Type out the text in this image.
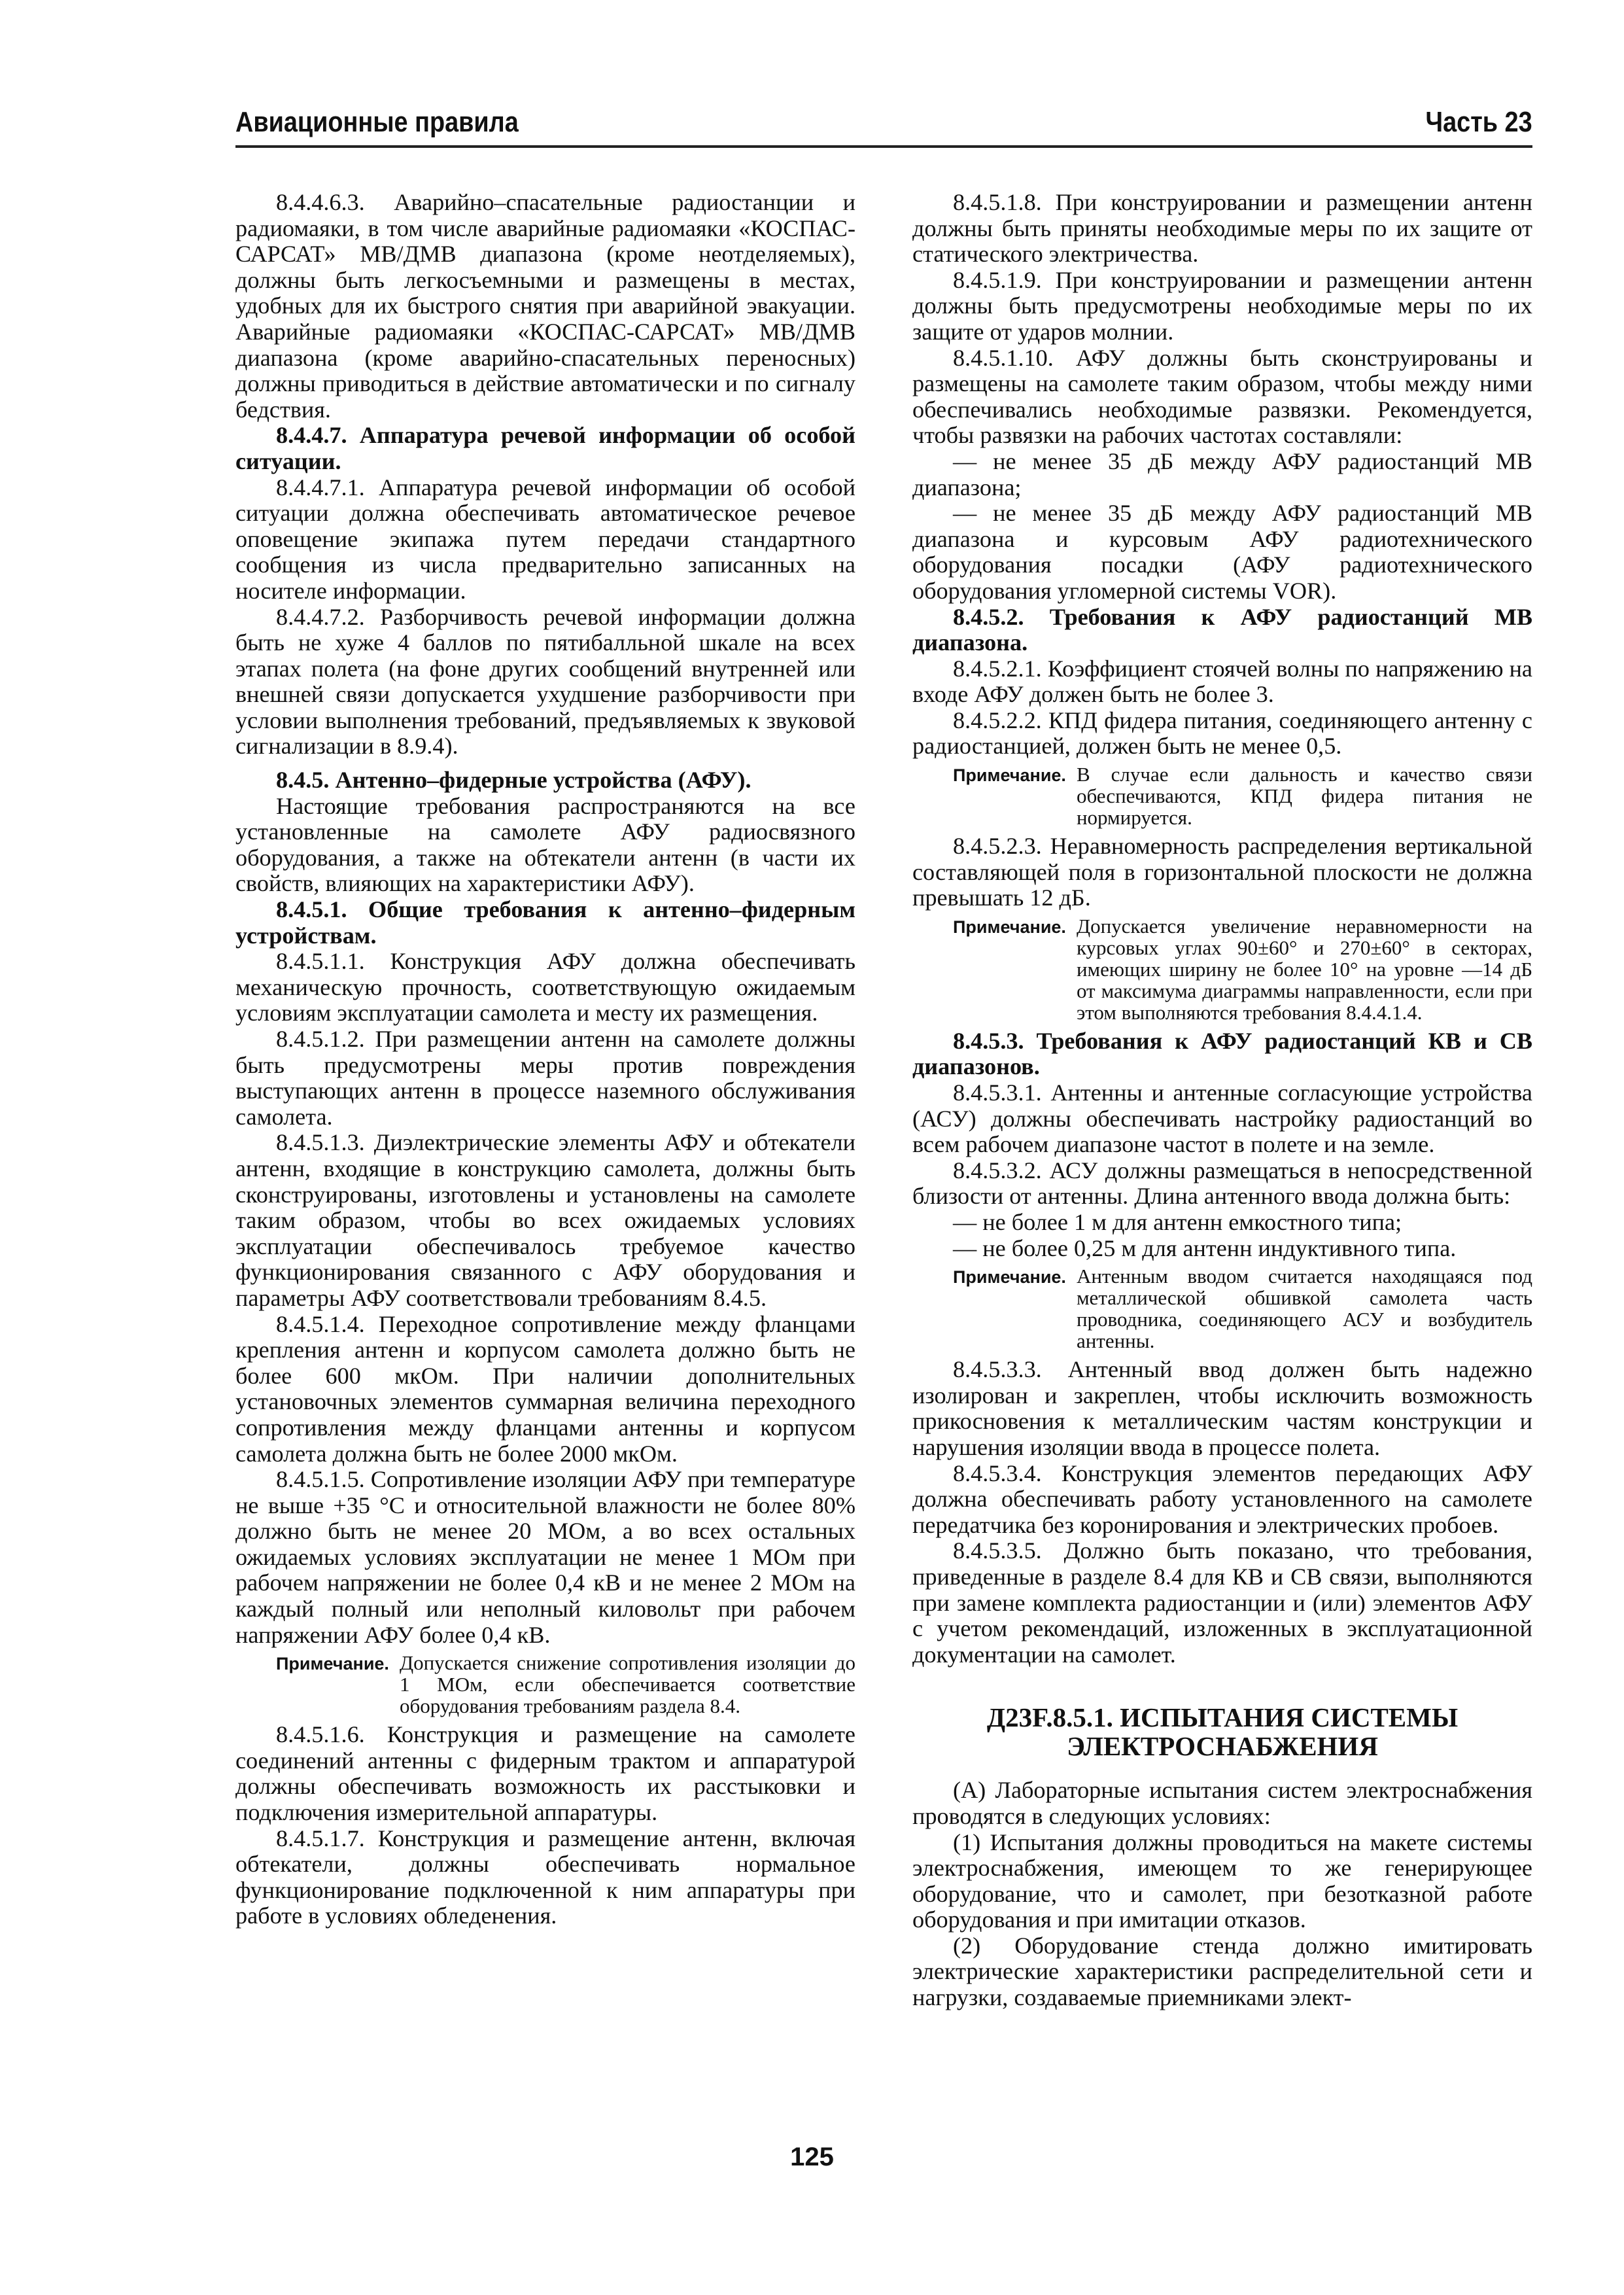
Авиационные правила	Часть 23

8.4.4.6.3. Аварийно–спасательные радиостанции и радиомаяки, в том числе аварийные радиомаяки «КОСПАС-САРСАТ» МВ/ДМВ диапазона (кроме неотделяемых), должны быть легкосъемными и размещены в местах, удобных для их быстрого снятия при аварийной эвакуации. Аварийные радиомаяки «КОСПАС-САРСАТ» МВ/ДМВ диапазона (кроме аварийно-спасательных переносных) должны приводиться в действие автоматически и по сигналу бедствия.

8.4.4.7. Аппаратура речевой информации об особой ситуации.

8.4.4.7.1. Аппаратура речевой информации об особой ситуации должна обеспечивать автоматическое речевое оповещение экипажа путем передачи стандартного сообщения из числа предварительно записанных на носителе информации.

8.4.4.7.2. Разборчивость речевой информации должна быть не хуже 4 баллов по пятибалльной шкале на всех этапах полета (на фоне других сообщений внутренней или внешней связи допускается ухудшение разборчивости при условии выполнения требований, предъявляемых к звуковой сигнализации в 8.9.4).

8.4.5. Антенно–фидерные устройства (АФУ).

Настоящие требования распространяются на все установленные на самолете АФУ радиосвязного оборудования, а также на обтекатели антенн (в части их свойств, влияющих на характеристики АФУ).

8.4.5.1. Общие требования к антенно–фидерным устройствам.

8.4.5.1.1. Конструкция АФУ должна обеспечивать механическую прочность, соответствующую ожидаемым условиям эксплуатации самолета и месту их размещения.

8.4.5.1.2. При размещении антенн на самолете должны быть предусмотрены меры против повреждения выступающих антенн в процессе наземного обслуживания самолета.

8.4.5.1.3. Диэлектрические элементы АФУ и обтекатели антенн, входящие в конструкцию самолета, должны быть сконструированы, изготовлены и установлены на самолете таким образом, чтобы во всех ожидаемых условиях эксплуатации обеспечивалось требуемое качество функционирования связанного с АФУ оборудования и параметры АФУ соответствовали требованиям 8.4.5.

8.4.5.1.4. Переходное сопротивление между фланцами крепления антенн и корпусом самолета должно быть не более 600 мкОм. При наличии дополнительных установочных элементов суммарная величина переходного сопротивления между фланцами антенны и корпусом самолета должна быть не более 2000 мкОм.

8.4.5.1.5. Сопротивление изоляции АФУ при температуре не выше +35 °С и относительной влажности не более 80% должно быть не менее 20 МОм, а во всех остальных ожидаемых условиях эксплуатации не менее 1 МОм при рабочем напряжении не более 0,4 кВ и не менее 2 МОм на каждый полный или неполный киловольт при рабочем напряжении АФУ более 0,4 кВ.

Примечание. Допускается снижение сопротивления изоляции до 1 МОм, если обеспечивается соответствие оборудования требованиям раздела 8.4.

8.4.5.1.6. Конструкция и размещение на самолете соединений антенны с фидерным трактом и аппаратурой должны обеспечивать возможность их расстыковки и подключения измерительной аппаратуры.

8.4.5.1.7. Конструкция и размещение антенн, включая обтекатели, должны обеспечивать нормальное функционирование подключенной к ним аппаратуры при работе в условиях обледенения.

8.4.5.1.8. При конструировании и размещении антенн должны быть приняты необходимые меры по их защите от статического электричества.

8.4.5.1.9. При конструировании и размещении антенн должны быть предусмотрены необходимые меры по их защите от ударов молнии.

8.4.5.1.10. АФУ должны быть сконструированы и размещены на самолете таким образом, чтобы между ними обеспечивались необходимые развязки. Рекомендуется, чтобы развязки на рабочих частотах составляли:

— не менее 35 дБ между АФУ радиостанций МВ диапазона;

— не менее 35 дБ между АФУ радиостанций МВ диапазона и курсовым АФУ радиотехнического оборудования посадки (АФУ радиотехнического оборудования угломерной системы VOR).

8.4.5.2. Требования к АФУ радиостанций МВ диапазона.

8.4.5.2.1. Коэффициент стоячей волны по напряжению на входе АФУ должен быть не более 3.

8.4.5.2.2. КПД фидера питания, соединяющего антенну с радиостанцией, должен быть не менее 0,5.

Примечание. В случае если дальность и качество связи обеспечиваются, КПД фидера питания не нормируется.

8.4.5.2.3. Неравномерность распределения вертикальной составляющей поля в горизонтальной плоскости не должна превышать 12 дБ.

Примечание. Допускается увеличение неравномерности на курсовых углах 90±60° и 270±60° в секторах, имеющих ширину не более 10° на уровне —14 дБ от максимума диаграммы направленности, если при этом выполняются требования 8.4.4.1.4.

8.4.5.3. Требования к АФУ радиостанций КВ и СВ диапазонов.

8.4.5.3.1. Антенны и антенные согласующие устройства (АСУ) должны обеспечивать настройку радиостанций во всем рабочем диапазоне частот в полете и на земле.

8.4.5.3.2. АСУ должны размещаться в непосредственной близости от антенны. Длина антенного ввода должна быть:

— не более 1 м для антенн емкостного типа;

— не более 0,25 м для антенн индуктивного типа.

Примечание. Антенным вводом считается находящаяся под металлической обшивкой самолета часть проводника, соединяющего АСУ и возбудитель антенны.

8.4.5.3.3. Антенный ввод должен быть надежно изолирован и закреплен, чтобы исключить возможность прикосновения к металлическим частям конструкции и нарушения изоляции ввода в процессе полета.

8.4.5.3.4. Конструкция элементов передающих АФУ должна обеспечивать работу установленного на самолете передатчика без коронирования и электрических пробоев.

8.4.5.3.5. Должно быть показано, что требования, приведенные в разделе 8.4 для КВ и СВ связи, выполняются при замене комплекта радиостанции и (или) элементов АФУ с учетом рекомендаций, изложенных в эксплуатационной документации на самолет.

Д23F.8.5.1. ИСПЫТАНИЯ СИСТЕМЫ ЭЛЕКТРОСНАБЖЕНИЯ

(А) Лабораторные испытания систем электроснабжения проводятся в следующих условиях:

(1) Испытания должны проводиться на макете системы электроснабжения, имеющем то же генерирующее оборудование, что и самолет, при безотказной работе оборудования и при имитации отказов.

(2) Оборудование стенда должно имитировать электрические характеристики распределительной сети и нагрузки, создаваемые приемниками элект-

125
